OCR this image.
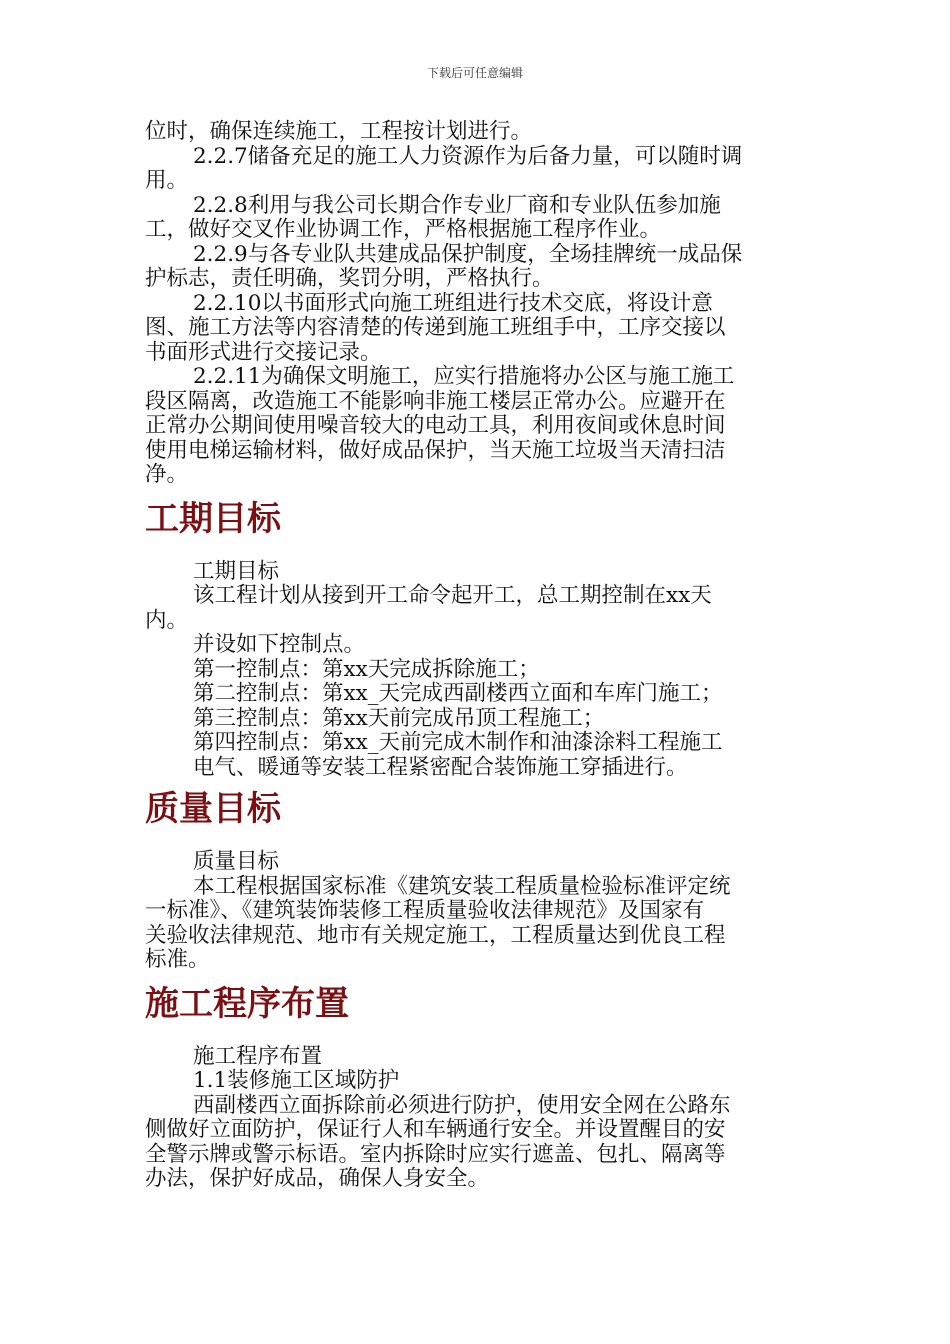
下载后可任意编辑

位时，确保连续施工，工程按计划进行。

2.2.7储备充足的施工人力资源作为后备力量，可以随时调

用。

2.2.8利用与我公司长期合作专业厂商和专业队伍参加施

工，做好交叉作业协调工作，严格根据施工程序作业。

2.2.9与各专业队共建成品保护制度，全场挂牌统一成品保

护标志，责任明确，奖罚分明，严格执行。

2.2.10以书面形式向施工班组进行技术交底，将设计意

图、施工方法等内容清楚的传递到施工班组手中，工序交接以

书面形式进行交接记录。

2.2.11为确保文明施工，应实行措施将办公区与施工施工

段区隔离，改造施工不能影响非施工楼层正常办公。应避开在

正常办公期间使用噪音较大的电动工具，利用夜间或休息时间

使用电梯运输材料，做好成品保护，当天施工垃圾当天清扫洁

净。

工期目标

工期目标

该工程计划从接到开工命令起开工，总工期控制在xx天

内。

并设如下控制点。

第一控制点：第xx天完成拆除施工；

第二控制点：第xx_天完成西副楼西立面和车库门施工；

第三控制点：第xx天前完成吊顶工程施工；

第四控制点：第xx_天前完成木制作和油漆涂料工程施工

电气、暖通等安装工程紧密配合装饰施工穿插进行。

质量目标

质量目标

本工程根据国家标准《建筑安装工程质量检验标准评定统

一标准》、《建筑装饰装修工程质量验收法律规范》及国家有

关验收法律规范、地市有关规定施工，工程质量达到优良工程

标准。

施工程序布置

施工程序布置

1.1装修施工区域防护

西副楼西立面拆除前必须进行防护，使用安全网在公路东

侧做好立面防护，保证行人和车辆通行安全。并设置醒目的安

全警示牌或警示标语。室内拆除时应实行遮盖、包扎、隔离等

办法，保护好成品，确保人身安全。
